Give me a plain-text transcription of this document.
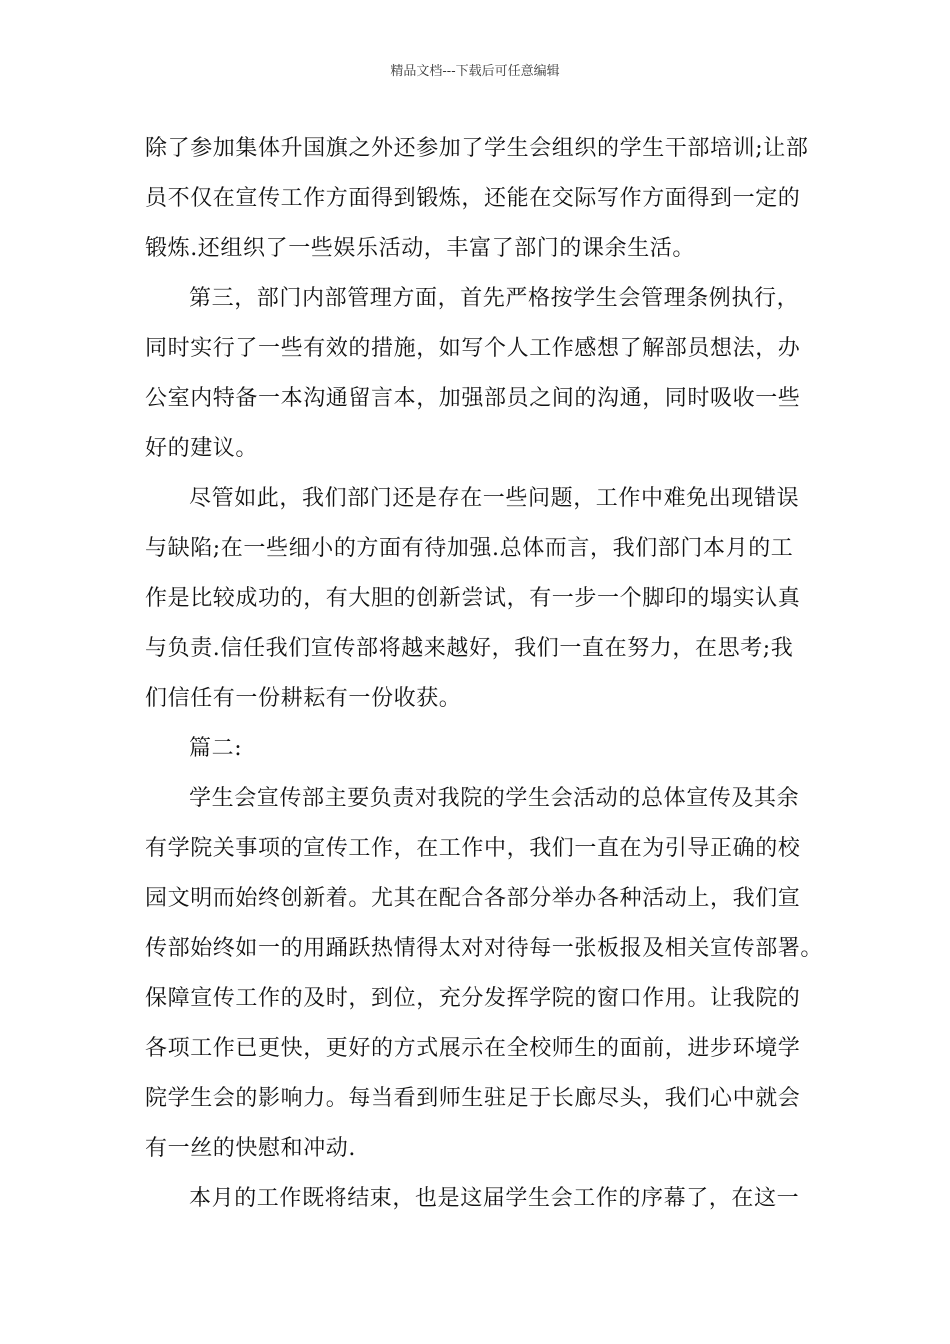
精品文档---下载后可任意编辑
除了参加集体升国旗之外还参加了学生会组织的学生干部培训;让部
员不仅在宣传工作方面得到锻炼，还能在交际写作方面得到一定的
锻炼.还组织了一些娱乐活动，丰富了部门的课余生活。
第三，部门内部管理方面，首先严格按学生会管理条例执行，
同时实行了一些有效的措施，如写个人工作感想了解部员想法，办
公室内特备一本沟通留言本，加强部员之间的沟通，同时吸收一些
好的建议。
尽管如此，我们部门还是存在一些问题，工作中难免出现错误
与缺陷;在一些细小的方面有待加强.总体而言，我们部门本月的工
作是比较成功的，有大胆的创新尝试，有一步一个脚印的塌实认真
与负责.信任我们宣传部将越来越好，我们一直在努力，在思考;我
们信任有一份耕耘有一份收获。
篇二:
学生会宣传部主要负责对我院的学生会活动的总体宣传及其余
有学院关事项的宣传工作，在工作中，我们一直在为引导正确的校
园文明而始终创新着。尤其在配合各部分举办各种活动上，我们宣
传部始终如一的用踊跃热情得太对对待每一张板报及相关宣传部署。
保障宣传工作的及时，到位，充分发挥学院的窗口作用。让我院的
各项工作已更快，更好的方式展示在全校师生的面前，进步环境学
院学生会的影响力。每当看到师生驻足于长廊尽头，我们心中就会
有一丝的快慰和冲动.
本月的工作既将结束，也是这届学生会工作的序幕了，在这一
